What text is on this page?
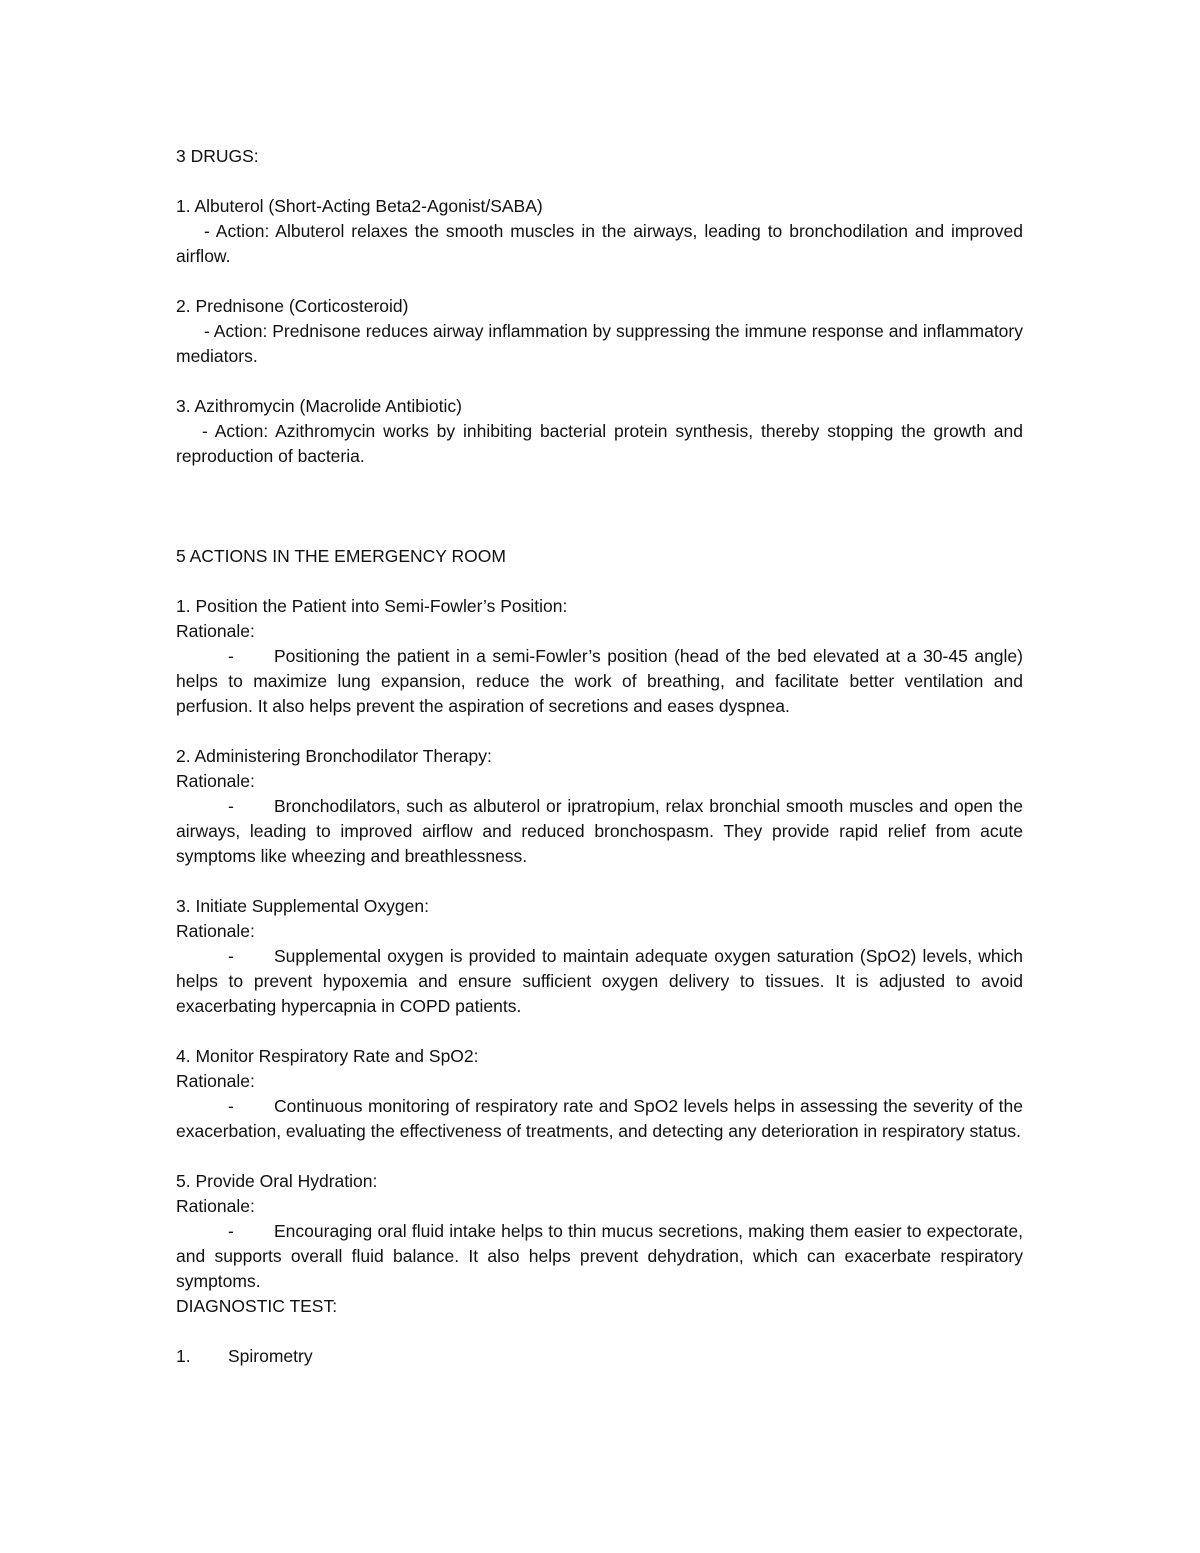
3 DRUGS:

1. Albuterol (Short-Acting Beta2-Agonist/SABA)

- Action: Albuterol relaxes the smooth muscles in the airways, leading to bronchodilation and improved airflow.

2. Prednisone (Corticosteroid)

- Action: Prednisone reduces airway inflammation by suppressing the immune response and inflammatory mediators.

3. Azithromycin (Macrolide Antibiotic)

- Action: Azithromycin works by inhibiting bacterial protein synthesis, thereby stopping the growth and reproduction of bacteria.

5 ACTIONS IN THE EMERGENCY ROOM

1. Position the Patient into Semi-Fowler’s Position:

Rationale:

- Positioning the patient in a semi-Fowler’s position (head of the bed elevated at a 30-45 angle) helps to maximize lung expansion, reduce the work of breathing, and facilitate better ventilation and perfusion. It also helps prevent the aspiration of secretions and eases dyspnea.

2. Administering Bronchodilator Therapy:

Rationale:

- Bronchodilators, such as albuterol or ipratropium, relax bronchial smooth muscles and open the airways, leading to improved airflow and reduced bronchospasm. They provide rapid relief from acute symptoms like wheezing and breathlessness.

3. Initiate Supplemental Oxygen:

Rationale:

- Supplemental oxygen is provided to maintain adequate oxygen saturation (SpO2) levels, which helps to prevent hypoxemia and ensure sufficient oxygen delivery to tissues. It is adjusted to avoid exacerbating hypercapnia in COPD patients.

4. Monitor Respiratory Rate and SpO2:

Rationale:

- Continuous monitoring of respiratory rate and SpO2 levels helps in assessing the severity of the exacerbation, evaluating the effectiveness of treatments, and detecting any deterioration in respiratory status.

5. Provide Oral Hydration:

Rationale:

- Encouraging oral fluid intake helps to thin mucus secretions, making them easier to expectorate, and supports overall fluid balance. It also helps prevent dehydration, which can exacerbate respiratory symptoms.

DIAGNOSTIC TEST:

1. Spirometry
